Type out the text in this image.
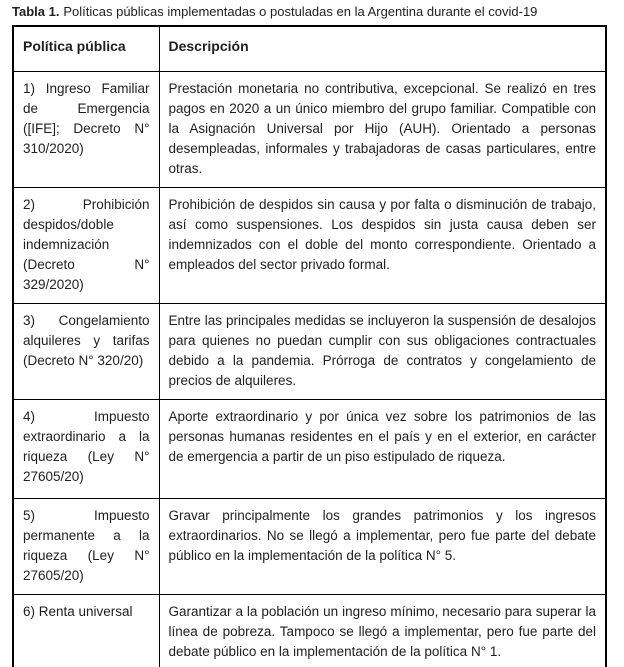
Tabla 1. Políticas públicas implementadas o postuladas en la Argentina durante el covid-19

Política pública	Descripción
1) Ingreso Familiar de Emergencia ([IFE]; Decreto N° 310/2020)	Prestación monetaria no contributiva, excepcional. Se realizó en tres pagos en 2020 a un único miembro del grupo familiar. Compatible con la Asignación Universal por Hijo (AUH). Orientado a personas desempleadas, informales y trabajadoras de casas particulares, entre otras.
2) Prohibición despidos/doble indemnización (Decreto N° 329/2020)	Prohibición de despidos sin causa y por falta o disminución de trabajo, así como suspensiones. Los despidos sin justa causa deben ser indemnizados con el doble del monto correspondiente. Orientado a empleados del sector privado formal.
3) Congelamiento alquileres y tarifas (Decreto N° 320/20)	Entre las principales medidas se incluyeron la suspensión de desalojos para quienes no puedan cumplir con sus obligaciones contractuales debido a la pandemia. Prórroga de contratos y congelamiento de precios de alquileres.
4) Impuesto extraordinario a la riqueza (Ley N° 27605/20)	Aporte extraordinario y por única vez sobre los patrimonios de las personas humanas residentes en el país y en el exterior, en carácter de emergencia a partir de un piso estipulado de riqueza.
5) Impuesto permanente a la riqueza (Ley N° 27605/20)	Gravar principalmente los grandes patrimonios y los ingresos extraordinarios. No se llegó a implementar, pero fue parte del debate público en la implementación de la política N° 5.
6) Renta universal	Garantizar a la población un ingreso mínimo, necesario para superar la línea de pobreza. Tampoco se llegó a implementar, pero fue parte del debate público en la implementación de la política N° 1.
